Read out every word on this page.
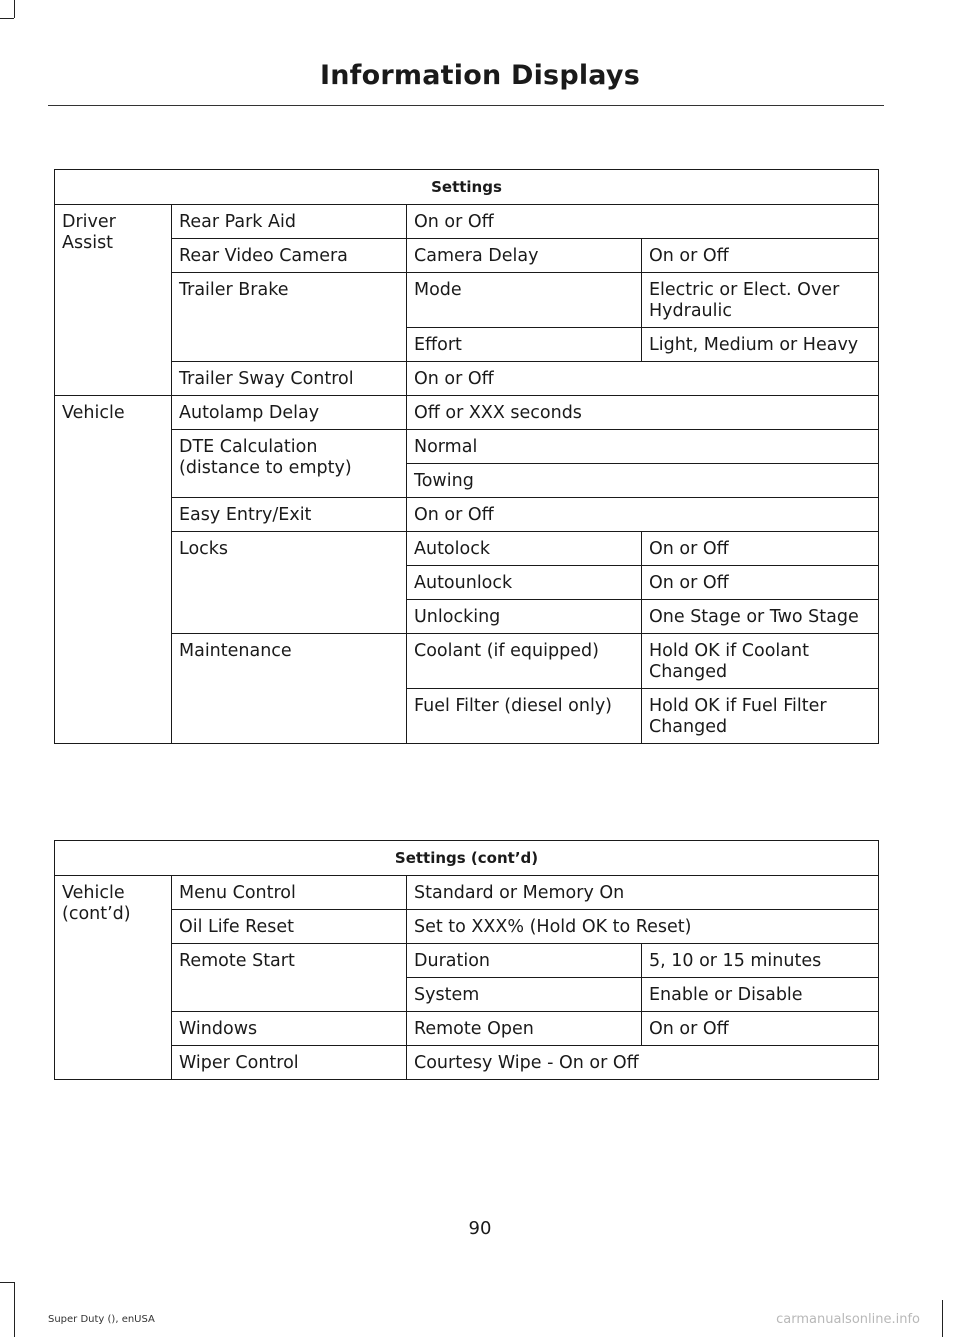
Information Displays
Settings			
Driver Assist	Rear Park Aid	On or Off	
	Rear Video Camera	Camera Delay	On or Off
	Trailer Brake	Mode	Electric or Elect. Over Hydraulic
		Effort	Light, Medium or Heavy
	Trailer Sway Control	On or Off	
Vehicle	Autolamp Delay	Off or XXX seconds	
	DTE Calculation (distance to empty)	Normal	
		Towing	
	Easy Entry/Exit	On or Off	
	Locks	Autolock	On or Off
		Autounlock	On or Off
		Unlocking	One Stage or Two Stage
	Maintenance	Coolant (if equipped)	Hold OK if Coolant Changed
		Fuel Filter (diesel only)	Hold OK if Fuel Filter Changed
Settings (cont’d)			
Vehicle (cont’d)	Menu Control	Standard or Memory On	
	Oil Life Reset	Set to XXX% (Hold OK to Reset)	
	Remote Start	Duration	5, 10 or 15 minutes
		System	Enable or Disable
	Windows	Remote Open	On or Off
	Wiper Control	Courtesy Wipe - On or Off	
90
Super Duty (), enUSA	carmanualsonline.info
